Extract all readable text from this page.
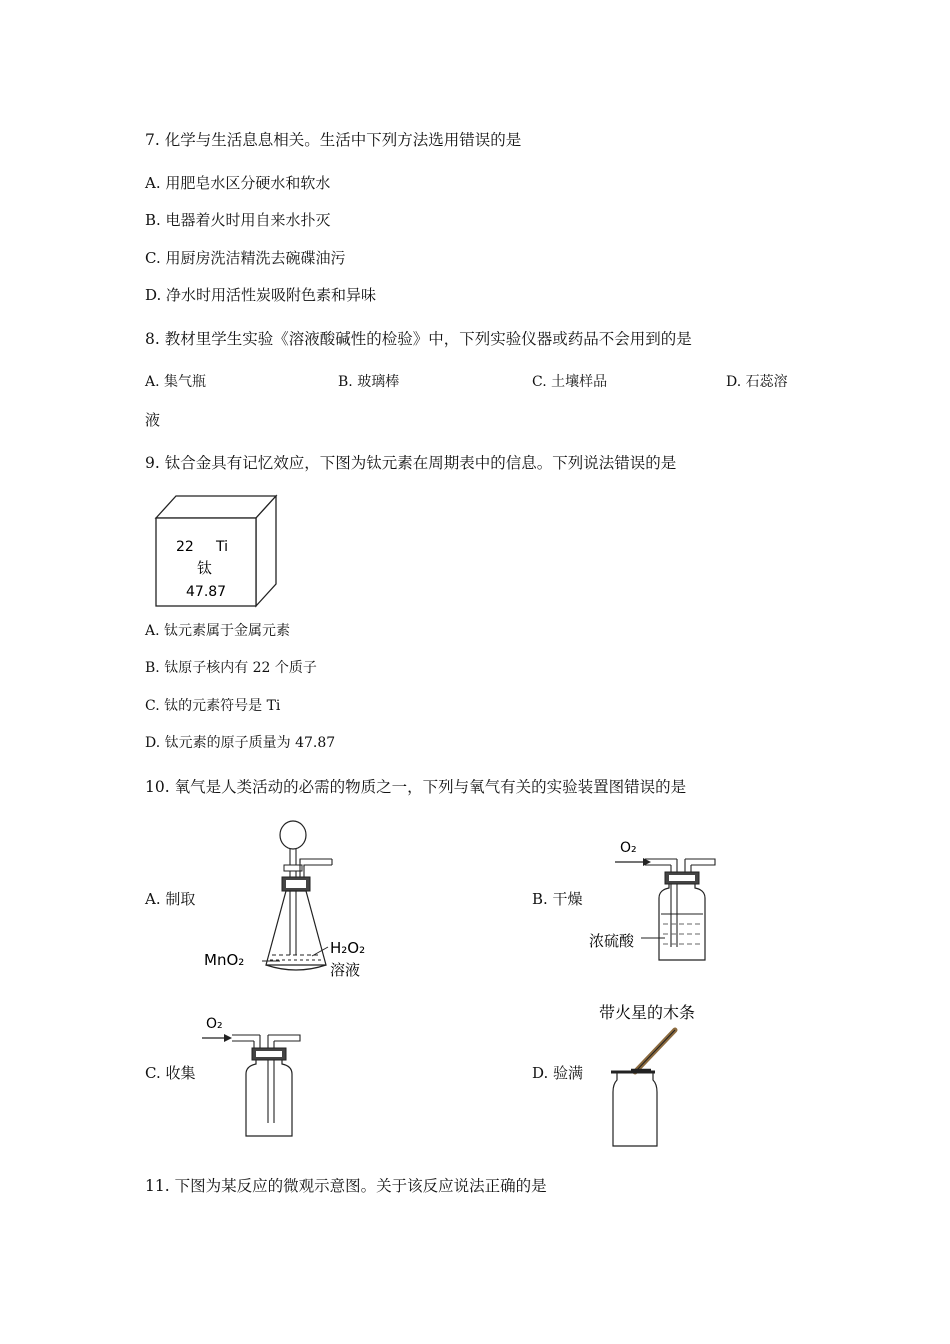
7. 化学与生活息息相关。生活中下列方法选用错误的是
A. 用肥皂水区分硬水和软水
B. 电器着火时用自来水扑灭
C. 用厨房洗洁精洗去碗碟油污
D. 净水时用活性炭吸附色素和异味
8. 教材里学生实验《溶液酸碱性的检验》中，下列实验仪器或药品不会用到的是
A. 集气瓶	B. 玻璃棒	C. 土壤样品	D. 石蕊溶
液
9. 钛合金具有记忆效应，下图为钛元素在周期表中的信息。下列说法错误的是
22 Ti
钛
47.87
A. 钛元素属于金属元素
B. 钛原子核内有 22 个质子
C. 钛的元素符号是 Ti
D. 钛元素的原子质量为 47.87
10. 氧气是人类活动的必需的物质之一，下列与氧气有关的实验装置图错误的是
A. 制取	B. 干燥
C. 收集	D. 验满
MnO₂
H₂O₂
溶液
O₂
浓硫酸
O₂
带火星的木条
11. 下图为某反应的微观示意图。关于该反应说法正确的是
